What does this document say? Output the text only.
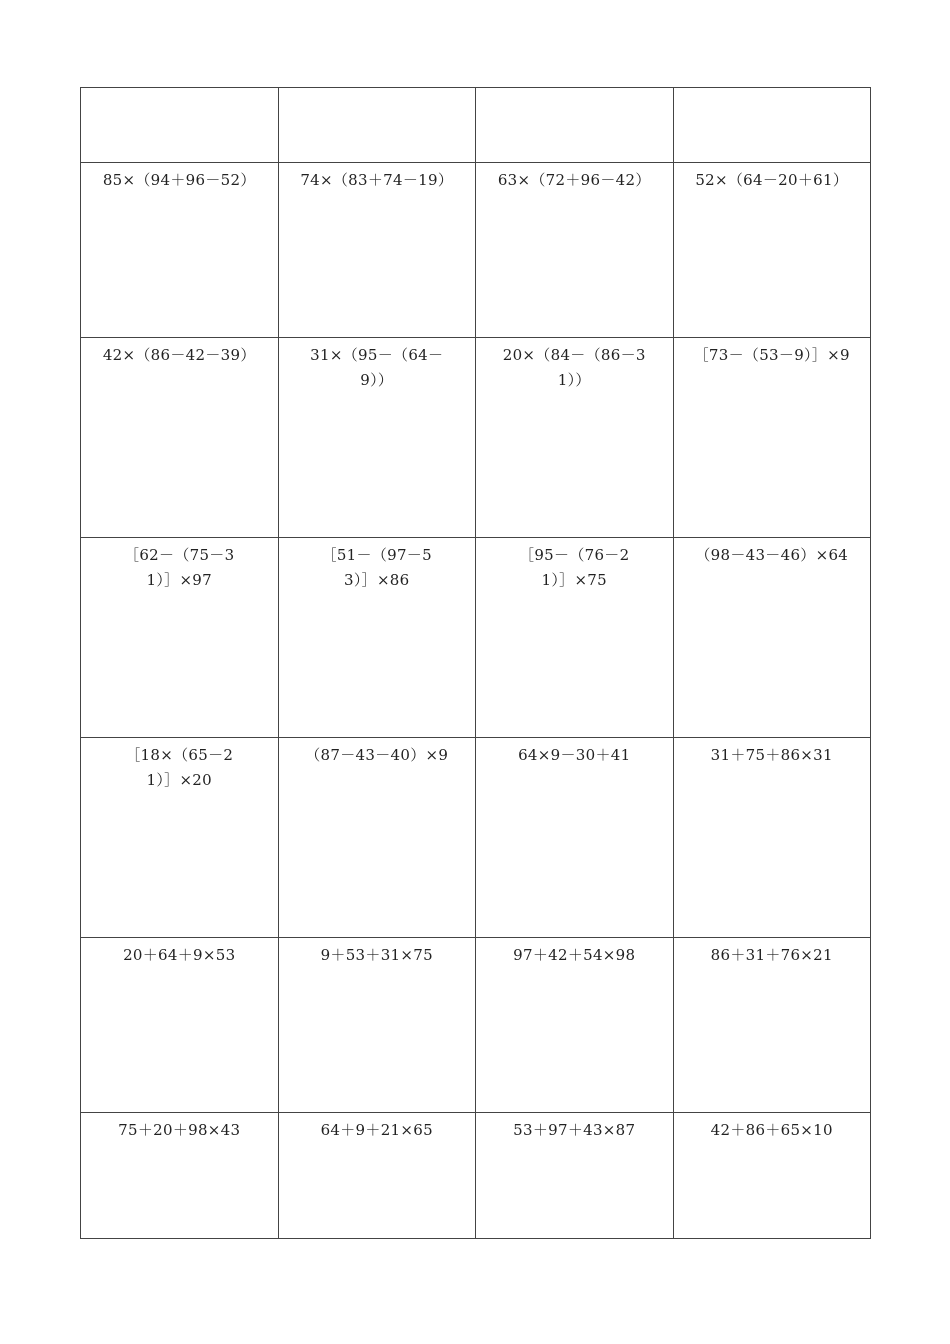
85×（94＋96－52）	74×（83＋74－19）	63×（72＋96－42）	52×（64－20＋61）
42×（86－42－39）	31×（95－（64－9））	20×（84－（86－31））	［73－（53－9）］×9
［62－（75－31）］×97	［51－（97－53）］×86	［95－（76－21）］×75	（98－43－46）×64
［18×（65－21）］×20	（87－43－40）×9	64×9－30＋41	31＋75＋86×31
20＋64＋9×53	9＋53＋31×75	97＋42＋54×98	86＋31＋76×21
75＋20＋98×43	64＋9＋21×65	53＋97＋43×87	42＋86＋65×10
